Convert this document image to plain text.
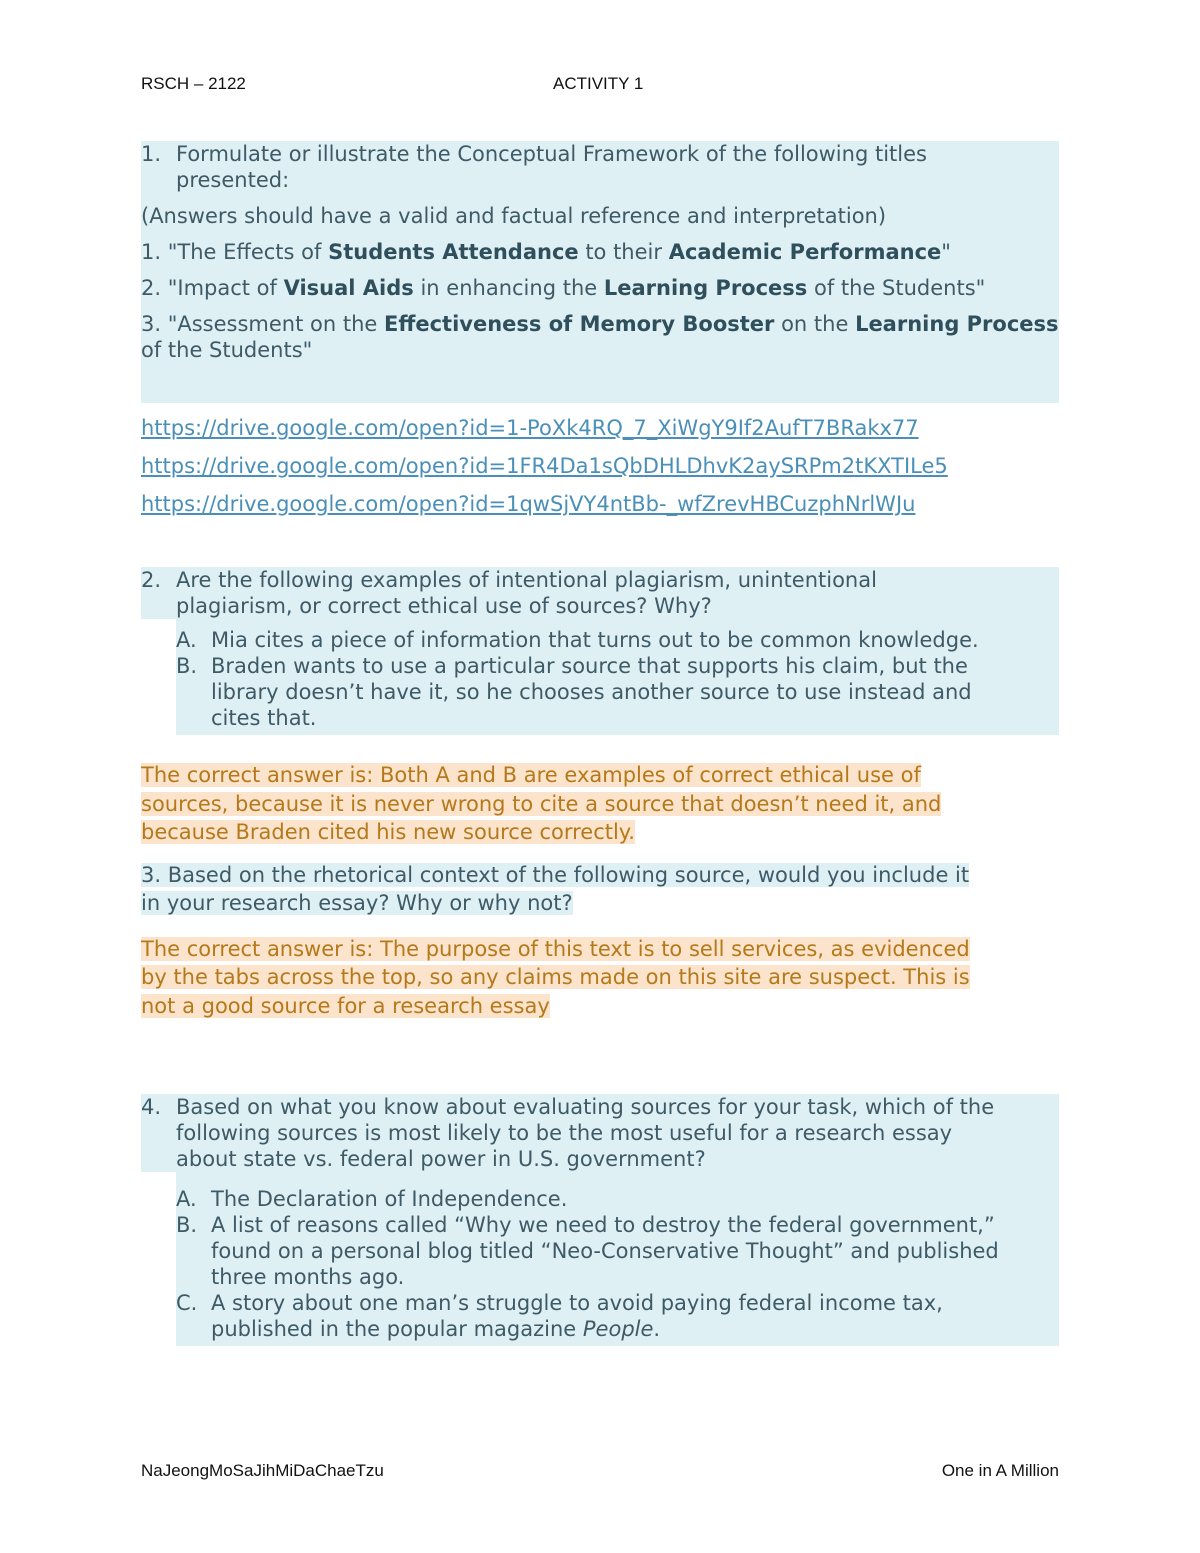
RSCH – 2122	ACTIVITY 1
1. Formulate or illustrate the Conceptual Framework of the following titles
presented:
(Answers should have a valid and factual reference and interpretation)
1. "The Effects of Students Attendance to their Academic Performance"
2. "Impact of Visual Aids in enhancing the Learning Process of the Students"
3. "Assessment on the Effectiveness of Memory Booster on the Learning Process of the Students"
https://drive.google.com/open?id=1-PoXk4RQ_7_XiWgY9If2AufT7BRakx77
https://drive.google.com/open?id=1FR4Da1sQbDHLDhvK2aySRPm2tKXTILe5
https://drive.google.com/open?id=1qwSjVY4ntBb-_wfZrevHBCuzphNrlWJu
2. Are the following examples of intentional plagiarism, unintentional
plagiarism, or correct ethical use of sources? Why?
A. Mia cites a piece of information that turns out to be common knowledge.
B. Braden wants to use a particular source that supports his claim, but the
library doesn’t have it, so he chooses another source to use instead and
cites that.
The correct answer is: Both A and B are examples of correct ethical use of
sources, because it is never wrong to cite a source that doesn’t need it, and
because Braden cited his new source correctly.
3. Based on the rhetorical context of the following source, would you include it
in your research essay? Why or why not?
The correct answer is: The purpose of this text is to sell services, as evidenced
by the tabs across the top, so any claims made on this site are suspect. This is
not a good source for a research essay
4. Based on what you know about evaluating sources for your task, which of the
following sources is most likely to be the most useful for a research essay
about state vs. federal power in U.S. government?
A. The Declaration of Independence.
B. A list of reasons called “Why we need to destroy the federal government,”
found on a personal blog titled “Neo-Conservative Thought” and published
three months ago.
C. A story about one man’s struggle to avoid paying federal income tax,
published in the popular magazine People.
NaJeongMoSaJihMiDaChaeTzu	One in A Million
